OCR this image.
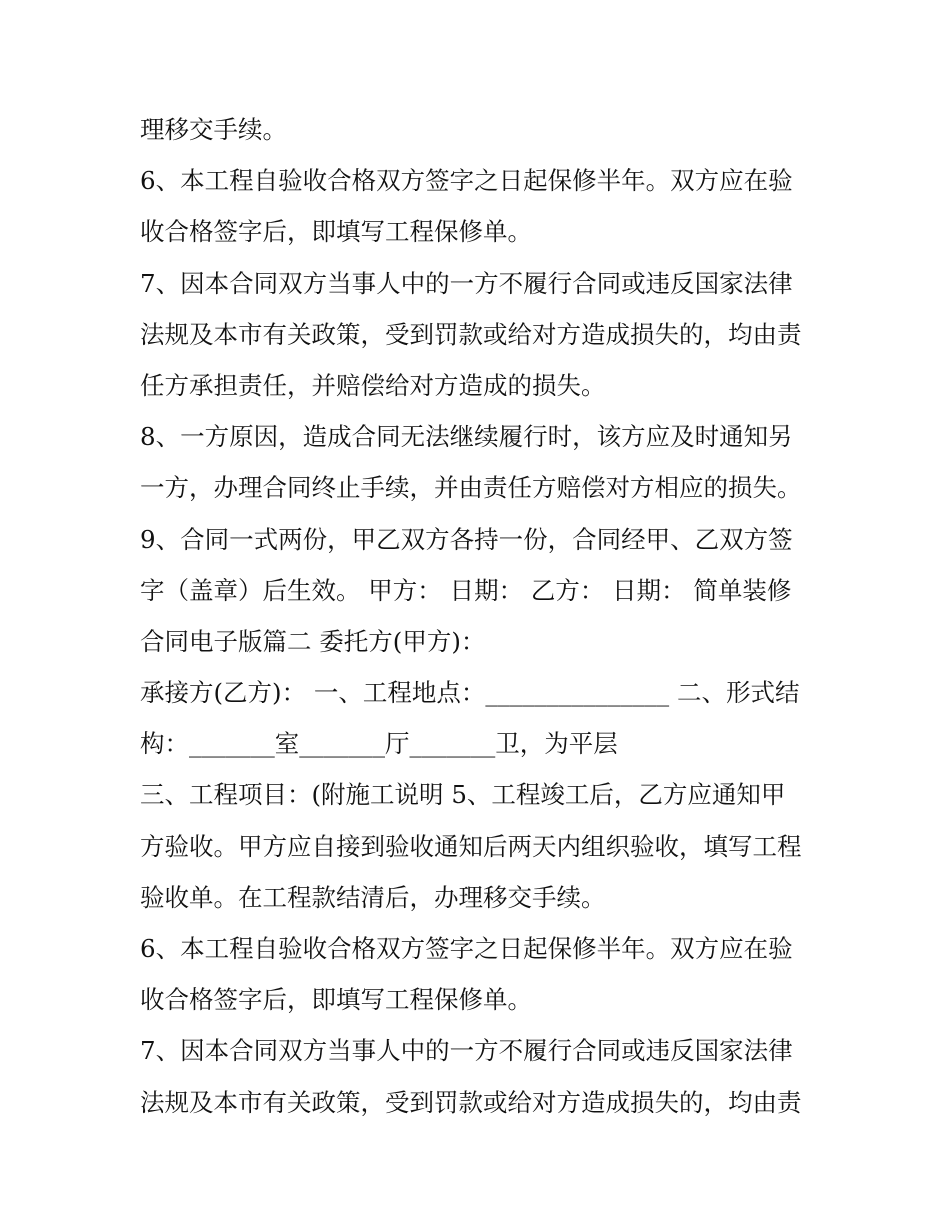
理移交手续。
6、本工程自验收合格双方签字之日起保修半年。双方应在验
收合格签字后，即填写工程保修单。
7、因本合同双方当事人中的一方不履行合同或违反国家法律
法规及本市有关政策，受到罚款或给对方造成损失的，均由责
任方承担责任，并赔偿给对方造成的损失。
8、一方原因，造成合同无法继续履行时，该方应及时通知另
一方，办理合同终止手续，并由责任方赔偿对方相应的损失。
9、合同一式两份，甲乙双方各持一份，合同经甲、乙双方签
字（盖章）后生效。 甲方： 日期： 乙方： 日期： 简单装修
合同电子版篇二 委托方(甲方)：
承接方(乙方)： 一、工程地点：_______________ 二、形式结
构：_______室_______厅_______卫，为平层
三、工程项目：(附施工说明 5、工程竣工后，乙方应通知甲
方验收。甲方应自接到验收通知后两天内组织验收，填写工程
验收单。在工程款结清后，办理移交手续。
6、本工程自验收合格双方签字之日起保修半年。双方应在验
收合格签字后，即填写工程保修单。
7、因本合同双方当事人中的一方不履行合同或违反国家法律
法规及本市有关政策，受到罚款或给对方造成损失的，均由责
